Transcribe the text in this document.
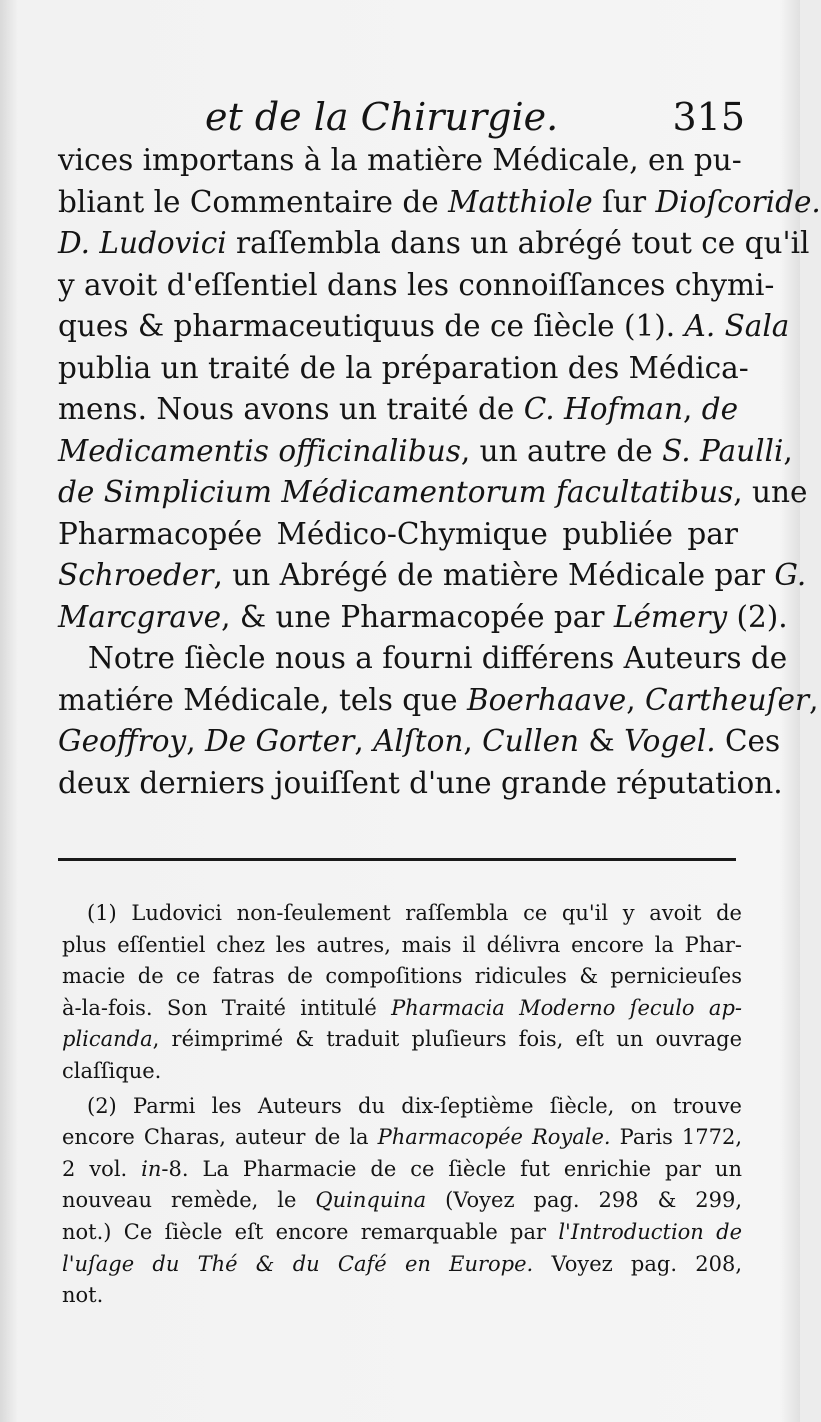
et de la Chirurgie.	315
vices importans à la matière Médicale, en pu-
bliant le Commentaire de Matthiole ſur Dioſcoride.
D. Ludovici raſſembla dans un abrégé tout ce qu'il
y avoit d'eſſentiel dans les connoiſſances chymi-
ques & pharmaceutiquus de ce ſiècle (1). A. Sala
publia un traité de la préparation des Médica-
mens. Nous avons un traité de C. Hofman, de
Medicamentis officinalibus, un autre de S. Paulli,
de Simplicium Médicamentorum facultatibus, une
Pharmacopée Médico-Chymique publiée par
Schroeder, un Abrégé de matière Médicale par G.
Marcgrave, & une Pharmacopée par Lémery (2).
Notre ſiècle nous a fourni différens Auteurs de
matiére Médicale, tels que Boerhaave, Cartheuſer,
Geoffroy, De Gorter, Alſton, Cullen & Vogel. Ces
deux derniers jouiſſent d'une grande réputation.
(1) Ludovici non-ſeulement raſſembla ce qu'il y avoit de
plus eſſentiel chez les autres, mais il délivra encore la Phar-
macie de ce fatras de compoſitions ridicules & pernicieuſes
à-la-fois. Son Traité intitulé Pharmacia Moderno ſeculo ap-
plicanda, réimprimé & traduit pluſieurs fois, eſt un ouvrage
claſſique.
(2) Parmi les Auteurs du dix-ſeptième ſiècle, on trouve
encore Charas, auteur de la Pharmacopée Royale. Paris 1772,
2 vol. in-8. La Pharmacie de ce ſiècle fut enrichie par un
nouveau remède, le Quinquina (Voyez pag. 298 & 299,
not.) Ce ſiècle eſt encore remarquable par l'Introduction de
l'uſage du Thé & du Café en Europe. Voyez pag. 208,
not.
